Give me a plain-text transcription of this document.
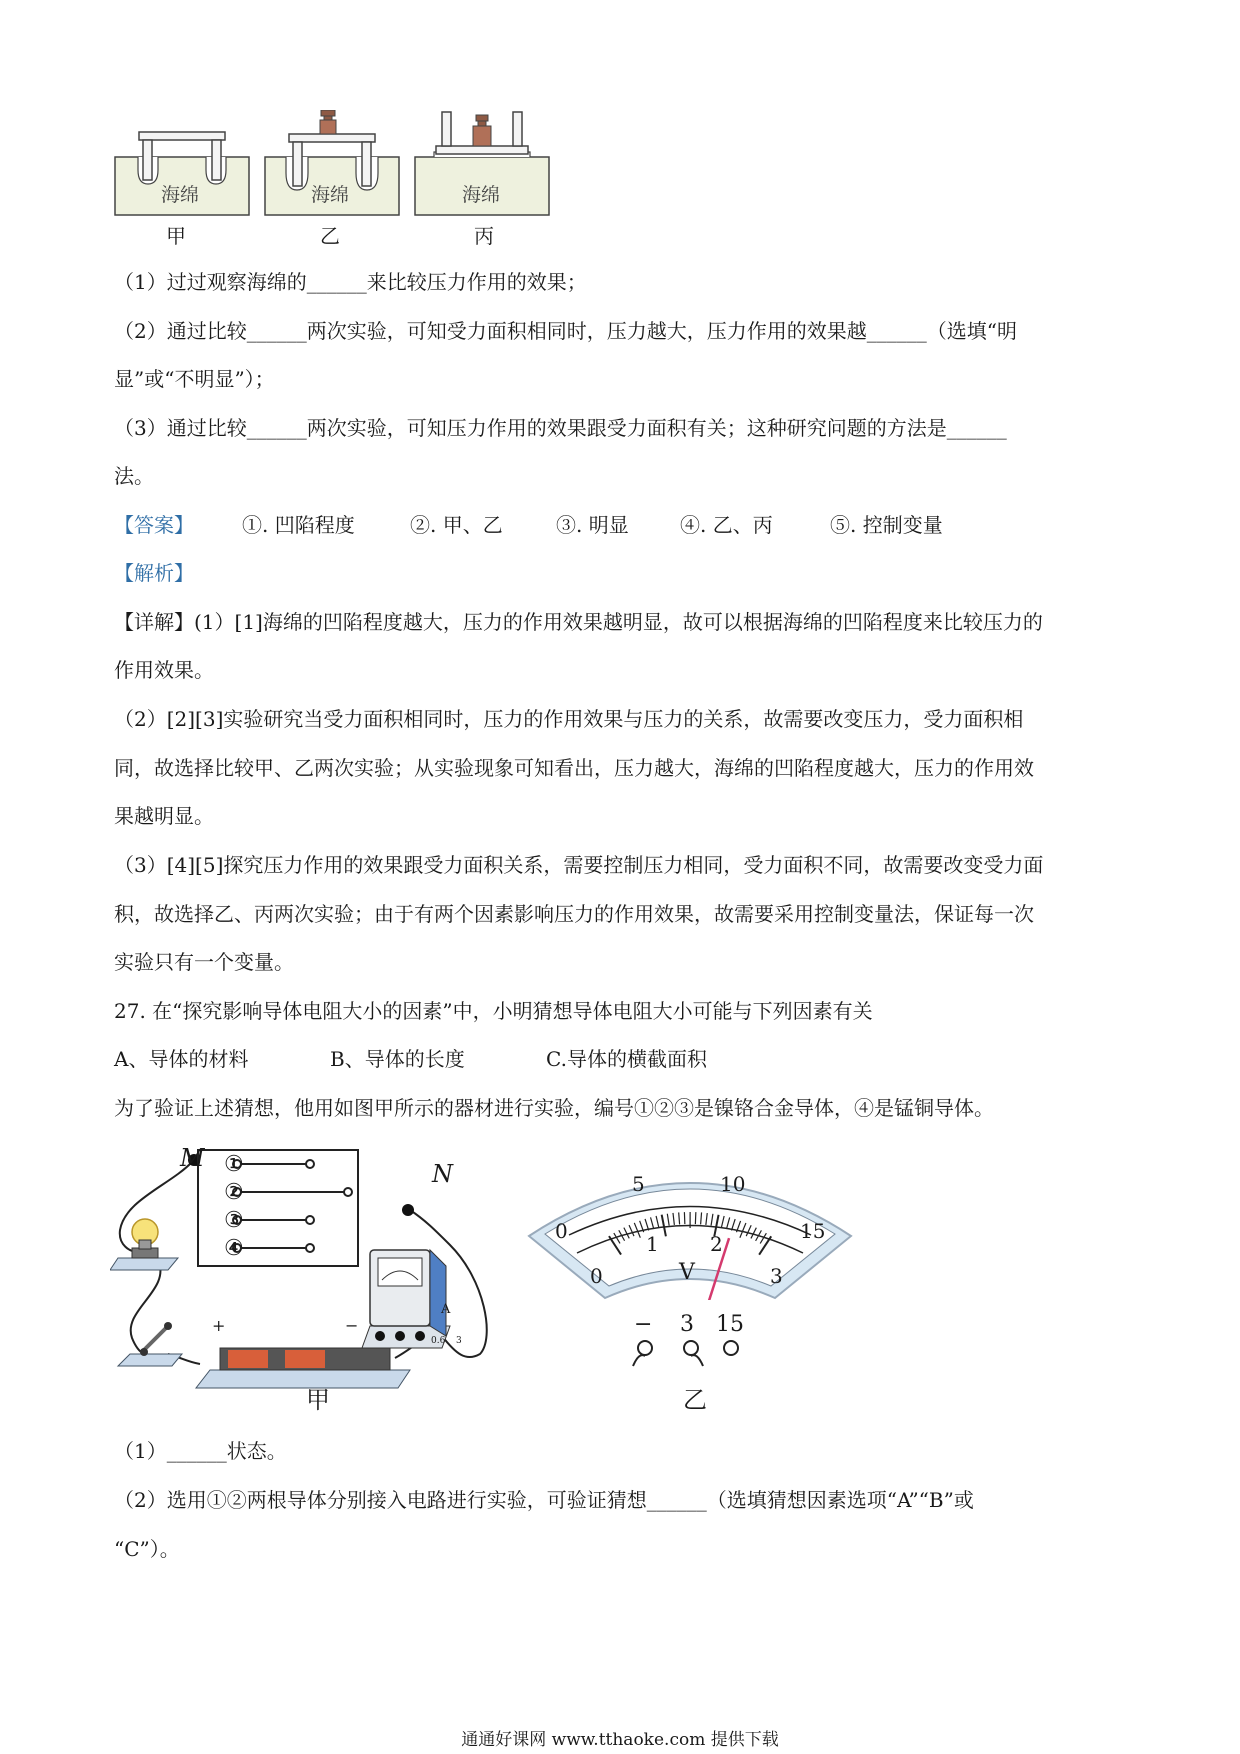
海绵	海绵	海绵
甲	乙	丙
（1）过过观察海绵的______来比较压力作用的效果；
（2）通过比较______两次实验，可知受力面积相同时，压力越大，压力作用的效果越______（选填“明
显”或“不明显”）；
（3）通过比较______两次实验，可知压力作用的效果跟受力面积有关；这种研究问题的方法是______
法。
【答案】 ①. 凹陷程度	②. 甲、乙	③. 明显	④. 乙、丙	⑤. 控制变量
【解析】
【详解】(1）[1]海绵的凹陷程度越大，压力的作用效果越明显，故可以根据海绵的凹陷程度来比较压力的
作用效果。
（2）[2][3]实验研究当受力面积相同时，压力的作用效果与压力的关系，故需要改变压力，受力面积相
同，故选择比较甲、乙两次实验；从实验现象可知看出，压力越大，海绵的凹陷程度越大，压力的作用效
果越明显。
（3）[4][5]探究压力作用的效果跟受力面积关系，需要控制压力相同，受力面积不同，故需要改变受力面
积，故选择乙、丙两次实验；由于有两个因素影响压力的作用效果，故需要采用控制变量法，保证每一次
实验只有一个变量。
27. 在“探究影响导体电阻大小的因素”中，小明猜想导体电阻大小可能与下列因素有关
A、导体的材料	B、导体的长度	C.导体的横截面积
为了验证上述猜想，他用如图甲所示的器材进行实验，编号①②③是镍铬合金导体，④是锰铜导体。
M
N
①
②
③
④
A
0.6 3
+	−
甲
0
5	10
15
0
1	2
3
V
− 3 15
乙
（1）______状态。
（2）选用①②两根导体分别接入电路进行实验，可验证猜想______（选填猜想因素选项“A”“B”或
“C”）。
通通好课网 www.tthaoke.com 提供下载
